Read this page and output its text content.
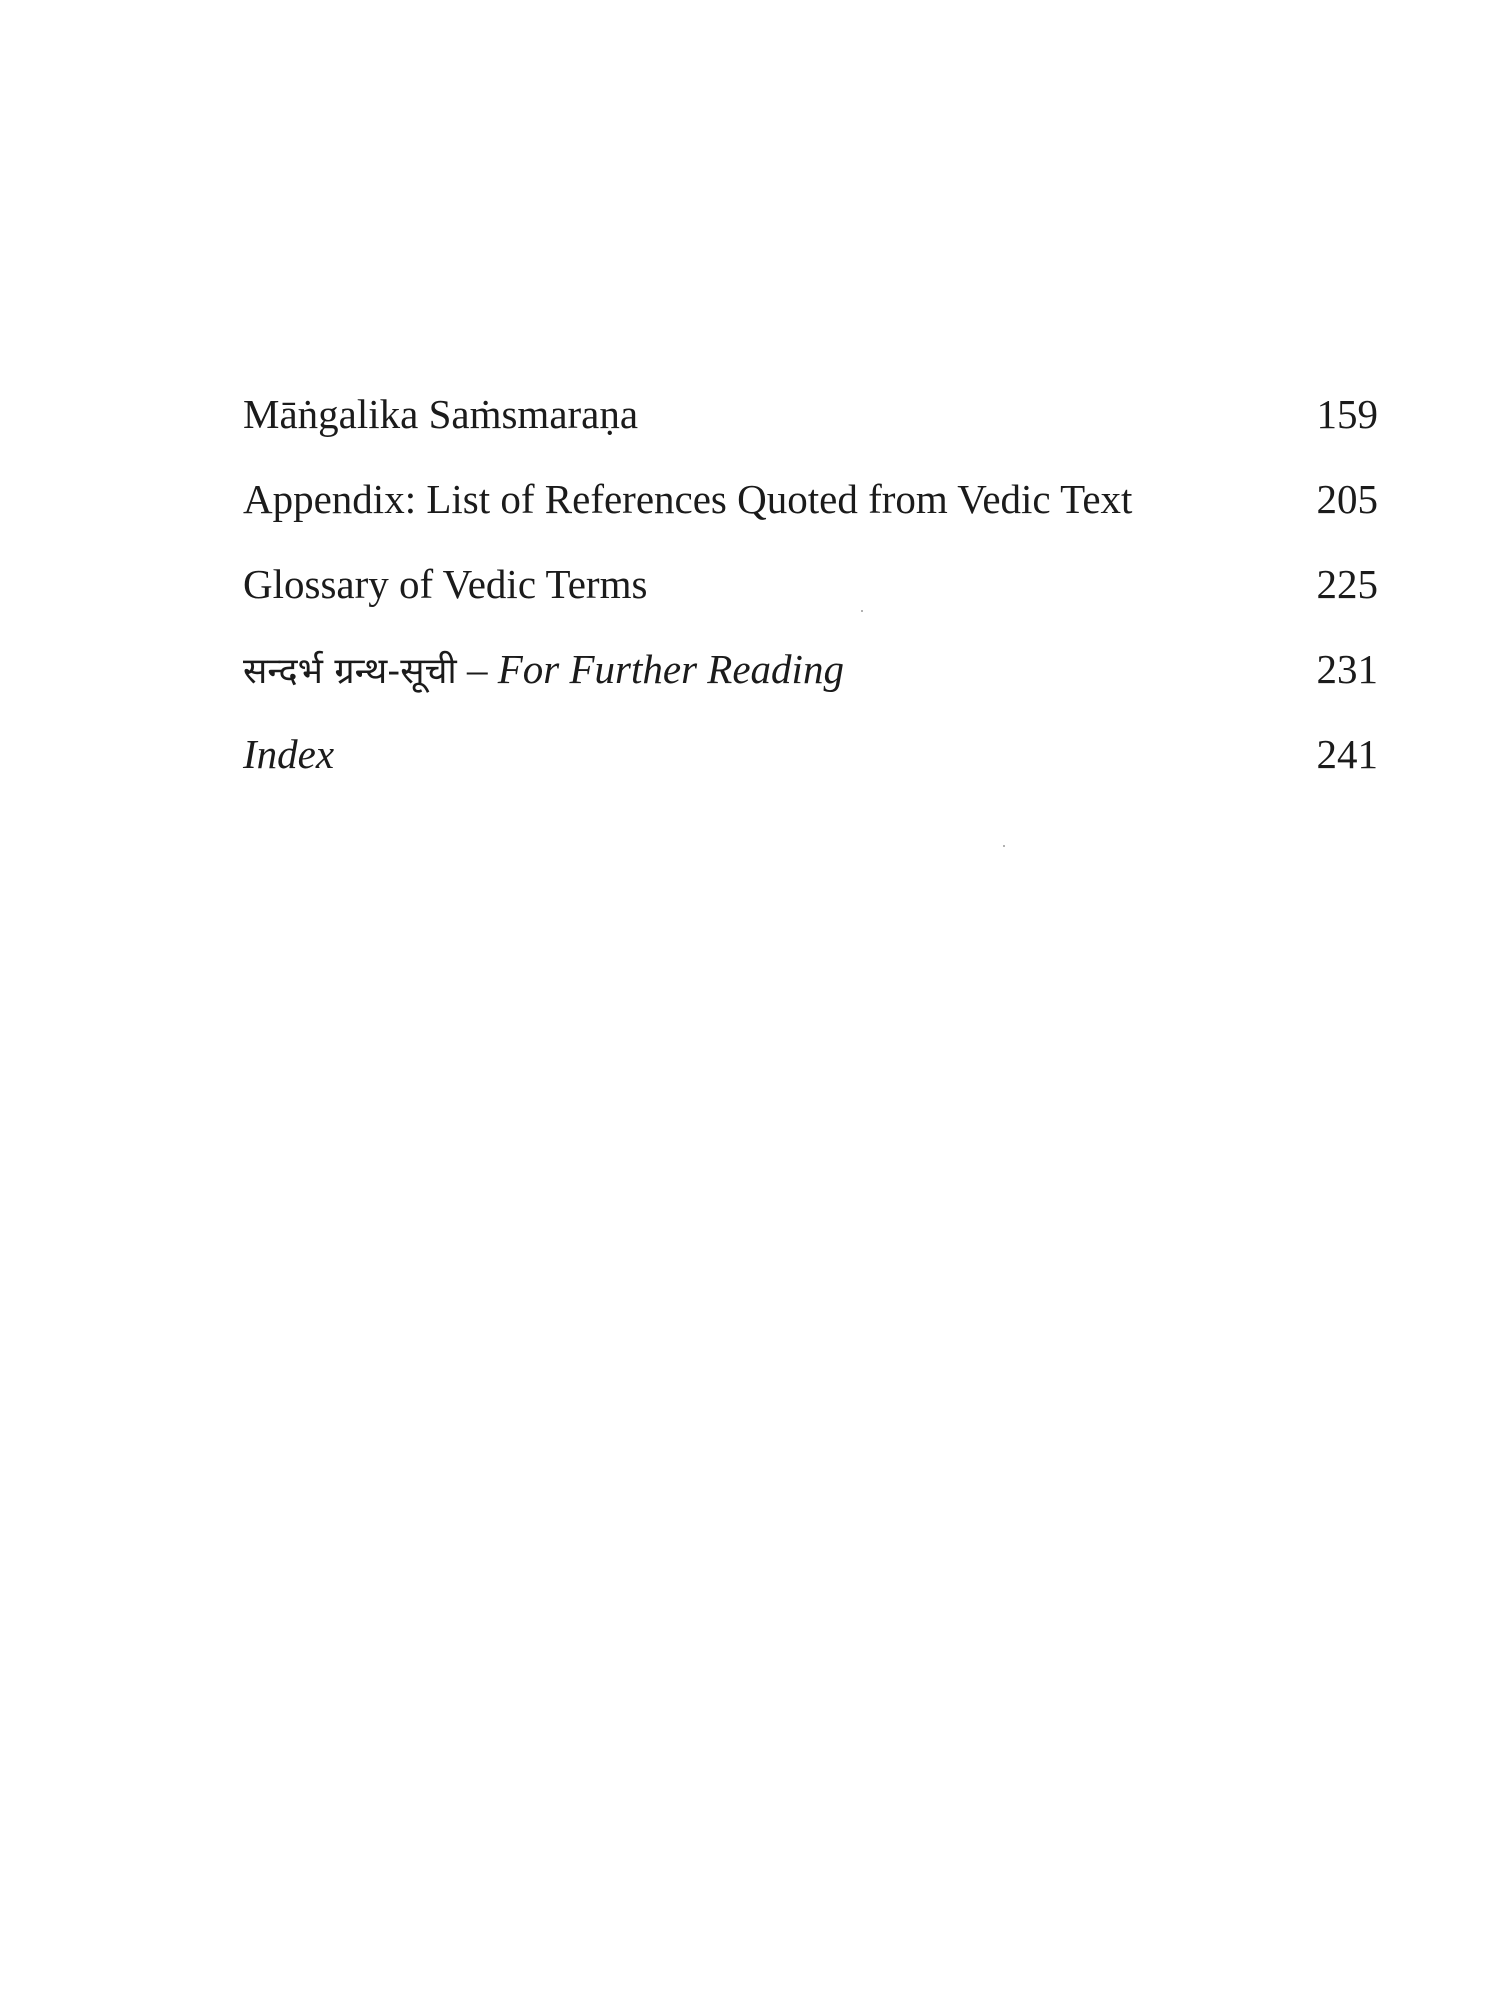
Māṅgalika Saṁsmaraṇa	159
Appendix: List of References Quoted from Vedic Text	205
Glossary of Vedic Terms	225
सन्दर्भ ग्रन्थ-सूची – For Further Reading	231
Index	241
